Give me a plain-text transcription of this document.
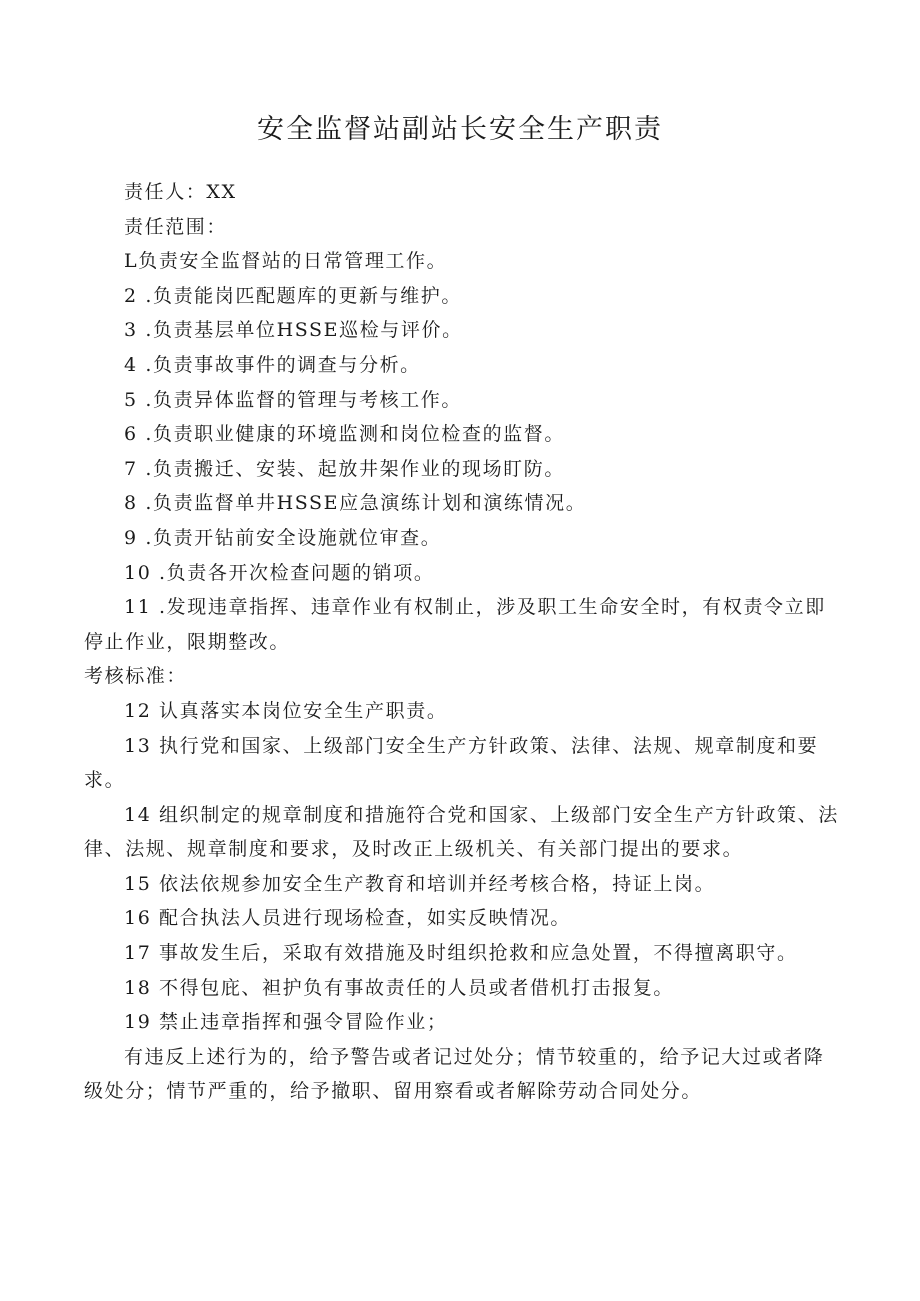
安全监督站副站长安全生产职责

责任人：XX

责任范围：

L负责安全监督站的日常管理工作。

2 .负责能岗匹配题库的更新与维护。

3 .负责基层单位HSSE巡检与评价。

4 .负责事故事件的调查与分析。

5 .负责异体监督的管理与考核工作。

6 .负责职业健康的环境监测和岗位检查的监督。

7 .负责搬迁、安装、起放井架作业的现场盯防。

8 .负责监督单井HSSE应急演练计划和演练情况。

9 .负责开钻前安全设施就位审查。

10 .负责各开次检查问题的销项。

11 .发现违章指挥、违章作业有权制止，涉及职工生命安全时，有权责令立即停止作业，限期整改。

考核标准：

12 认真落实本岗位安全生产职责。

13 执行党和国家、上级部门安全生产方针政策、法律、法规、规章制度和要求。

14 组织制定的规章制度和措施符合党和国家、上级部门安全生产方针政策、法律、法规、规章制度和要求，及时改正上级机关、有关部门提出的要求。

15 依法依规参加安全生产教育和培训并经考核合格，持证上岗。

16 配合执法人员进行现场检查，如实反映情况。

17 事故发生后，采取有效措施及时组织抢救和应急处置，不得擅离职守。

18 不得包庇、袒护负有事故责任的人员或者借机打击报复。

19 禁止违章指挥和强令冒险作业；

有违反上述行为的，给予警告或者记过处分；情节较重的，给予记大过或者降级处分；情节严重的，给予撤职、留用察看或者解除劳动合同处分。
